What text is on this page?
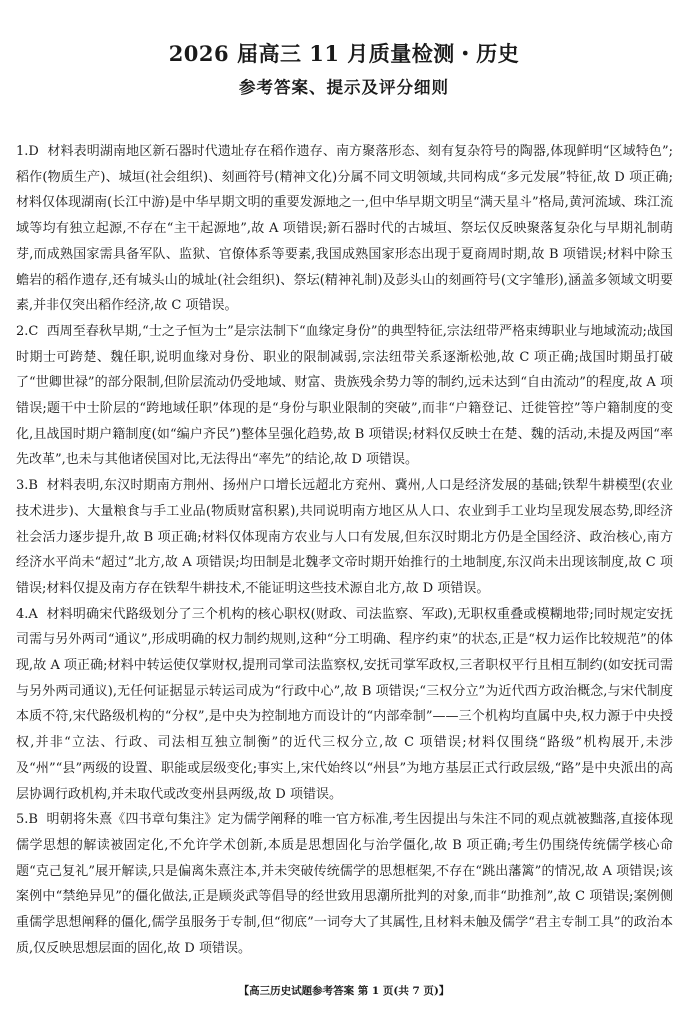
2026 届高三 11 月质量检测・历史
参考答案、提示及评分细则

1.D 材料表明湖南地区新石器时代遗址存在稻作遗存、南方聚落形态、刻有复杂符号的陶器,体现鲜明“区域特色”;稻作(物质生产)、城垣(社会组织)、刻画符号(精神文化)分属不同文明领域,共同构成“多元发展”特征,故 D 项正确;材料仅体现湖南(长江中游)是中华早期文明的重要发源地之一,但中华早期文明呈“满天星斗”格局,黄河流域、珠江流域等均有独立起源,不存在“主干起源地”,故 A 项错误;新石器时代的古城垣、祭坛仅反映聚落复杂化与早期礼制萌芽,而成熟国家需具备军队、监狱、官僚体系等要素,我国成熟国家形态出现于夏商周时期,故 B 项错误;材料中除玉蟾岩的稻作遗存,还有城头山的城址(社会组织)、祭坛(精神礼制)及彭头山的刻画符号(文字雏形),涵盖多领域文明要素,并非仅突出稻作经济,故 C 项错误。

2.C 西周至春秋早期,“士之子恒为士”是宗法制下“血缘定身份”的典型特征,宗法纽带严格束缚职业与地域流动;战国时期士可跨楚、魏任职,说明血缘对身份、职业的限制减弱,宗法纽带关系逐渐松弛,故 C 项正确;战国时期虽打破了“世卿世禄”的部分限制,但阶层流动仍受地域、财富、贵族残余势力等的制约,远未达到“自由流动”的程度,故 A 项错误;题干中士阶层的“跨地域任职”体现的是“身份与职业限制的突破”,而非“户籍登记、迁徙管控”等户籍制度的变化,且战国时期户籍制度(如“编户齐民”)整体呈强化趋势,故 B 项错误;材料仅反映士在楚、魏的活动,未提及两国“率先改革”,也未与其他诸侯国对比,无法得出“率先”的结论,故 D 项错误。

3.B 材料表明,东汉时期南方荆州、扬州户口增长远超北方兖州、冀州,人口是经济发展的基础;铁犁牛耕模型(农业技术进步)、大量粮食与手工业品(物质财富积累),共同说明南方地区从人口、农业到手工业均呈现发展态势,即经济社会活力逐步提升,故 B 项正确;材料仅体现南方农业与人口有发展,但东汉时期北方仍是全国经济、政治核心,南方经济水平尚未“超过”北方,故 A 项错误;均田制是北魏孝文帝时期开始推行的土地制度,东汉尚未出现该制度,故 C 项错误;材料仅提及南方存在铁犁牛耕技术,不能证明这些技术源自北方,故 D 项错误。

4.A 材料明确宋代路级划分了三个机构的核心职权(财政、司法监察、军政),无职权重叠或模糊地带;同时规定安抚司需与另外两司“通议”,形成明确的权力制约规则,这种“分工明确、程序约束”的状态,正是“权力运作比较规范”的体现,故 A 项正确;材料中转运使仅掌财权,提刑司掌司法监察权,安抚司掌军政权,三者职权平行且相互制约(如安抚司需与另外两司通议),无任何证据显示转运司成为“行政中心”,故 B 项错误;“三权分立”为近代西方政治概念,与宋代制度本质不符,宋代路级机构的“分权”,是中央为控制地方而设计的“内部牵制”——三个机构均直属中央,权力源于中央授权,并非“立法、行政、司法相互独立制衡”的近代三权分立,故 C 项错误;材料仅围绕“路级”机构展开,未涉及“州”“县”两级的设置、职能或层级变化;事实上,宋代始终以“州县”为地方基层正式行政层级,“路”是中央派出的高层协调行政机构,并未取代或改变州县两级,故 D 项错误。

5.B 明朝将朱熹《四书章句集注》定为儒学阐释的唯一官方标准,考生因提出与朱注不同的观点就被黜落,直接体现儒学思想的解读被固定化,不允许学术创新,本质是思想固化与治学僵化,故 B 项正确;考生仍围绕传统儒学核心命题“克己复礼”展开解读,只是偏离朱熹注本,并未突破传统儒学的思想框架,不存在“跳出藩篱”的情况,故 A 项错误;该案例中“禁绝异见”的僵化做法,正是顾炎武等倡导的经世致用思潮所批判的对象,而非“助推剂”,故 C 项错误;案例侧重儒学思想阐释的僵化,儒学虽服务于专制,但“彻底”一词夸大了其属性,且材料未触及儒学“君主专制工具”的政治本质,仅反映思想层面的固化,故 D 项错误。

【高三历史试题参考答案 第 1 页(共 7 页)】
